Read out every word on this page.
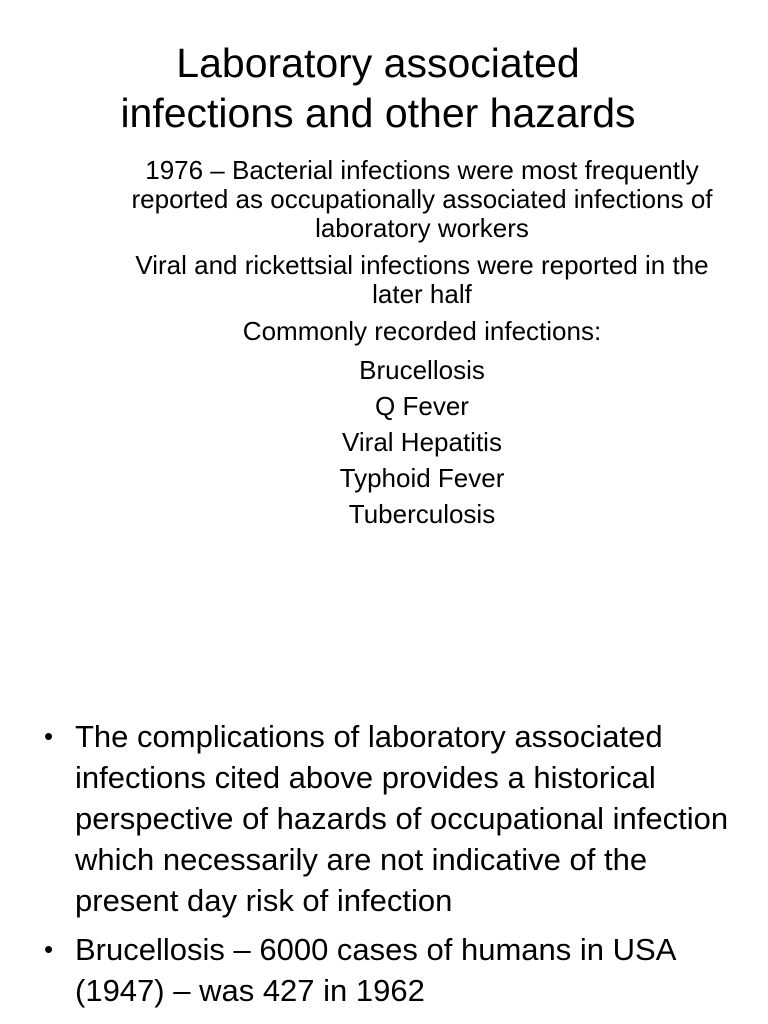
Laboratory associated
infections and other hazards

1976 – Bacterial infections were most frequently reported as occupationally associated infections of laboratory workers

Viral and rickettsial infections were reported in the later half

Commonly recorded infections:

Brucellosis
Q Fever
Viral Hepatitis
Typhoid Fever
Tuberculosis
• The complications of laboratory associated infections cited above provides a historical perspective of hazards of occupational infection which necessarily are not indicative of the present day risk of infection
• Brucellosis – 6000 cases of humans in USA (1947) – was 427 in 1962
